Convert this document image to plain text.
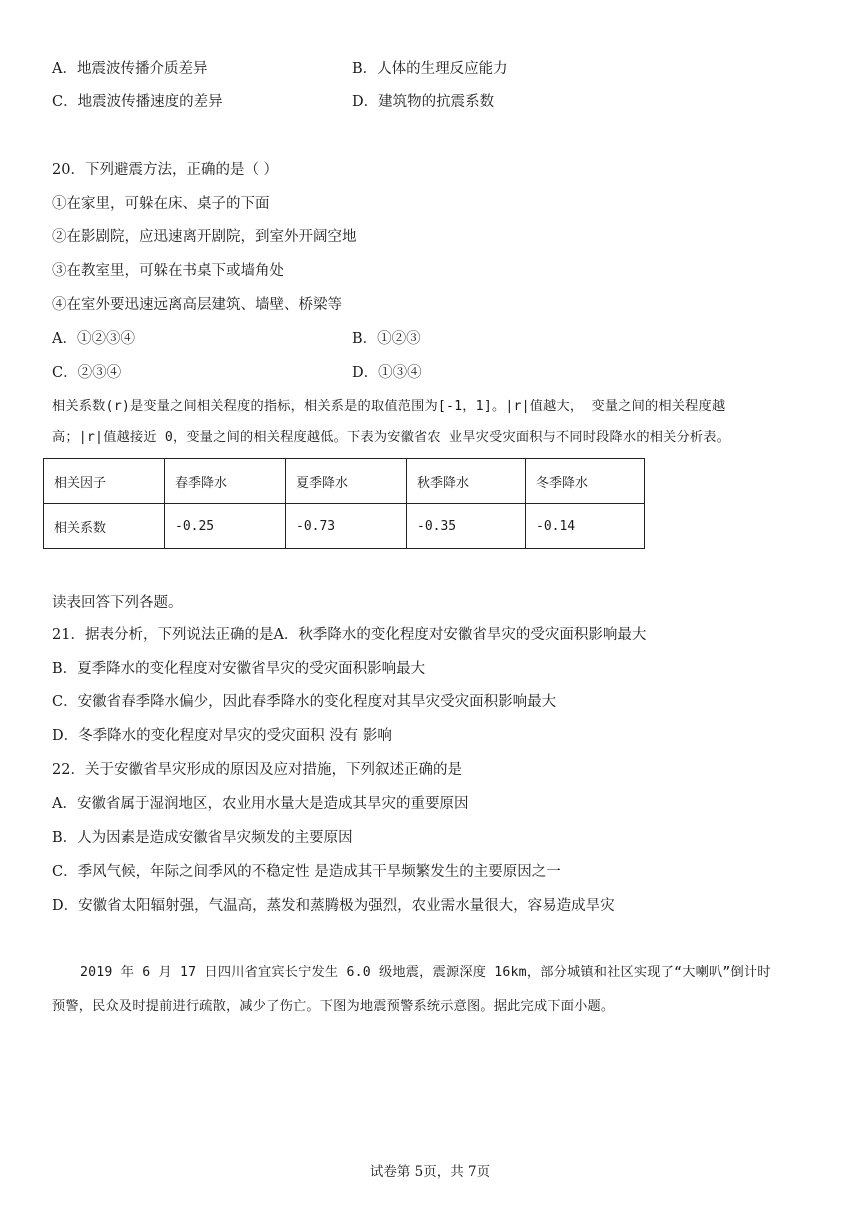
A．地震波传播介质差异	B．人体的生理反应能力
C．地震波传播速度的差异	D．建筑物的抗震系数
20．下列避震方法，正确的是（ ）
①在家里，可躲在床、桌子的下面
②在影剧院，应迅速离开剧院，到室外开阔空地
③在教室里，可躲在书桌下或墙角处
④在室外要迅速远离高层建筑、墙壁、桥梁等
A．①②③④	B．①②③
C．②③④	D．①③④
相关系数(r)是变量之间相关程度的指标，相关系是的取值范围为[-1，1]。∣r∣值越大， 变量之间的相关程度越
高；∣r∣值越接近 0，变量之间的相关程度越低。下表为安徽省农 业旱灾受灾面积与不同时段降水的相关分析表。
相关因子	春季降水	夏季降水	秋季降水	冬季降水
相关系数	-0.25	-0.73	-0.35	-0.14
读表回答下列各题。
21．据表分析，下列说法正确的是A．秋季降水的变化程度对安徽省旱灾的受灾面积影响最大
B．夏季降水的变化程度对安徽省旱灾的受灾面积影响最大
C．安徽省春季降水偏少，因此春季降水的变化程度对其旱灾受灾面积影响最大
D．冬季降水的变化程度对旱灾的受灾面积 没有 影响
22．关于安徽省旱灾形成的原因及应对措施，下列叙述正确的是
A．安徽省属于湿润地区，农业用水量大是造成其旱灾的重要原因
B．人为因素是造成安徽省旱灾频发的主要原因
C．季风气候，年际之间季风的不稳定性 是造成其干旱频繁发生的主要原因之一
D．安徽省太阳辐射强，气温高，蒸发和蒸腾极为强烈，农业需水量很大，容易造成旱灾
2019 年 6 月 17 日四川省宜宾长宁发生 6.0 级地震，震源深度 16km，部分城镇和社区实现了“大喇叭”倒计时
预警，民众及时提前进行疏散，减少了伤亡。下图为地震预警系统示意图。据此完成下面小题。
试卷第 5页，共 7页
